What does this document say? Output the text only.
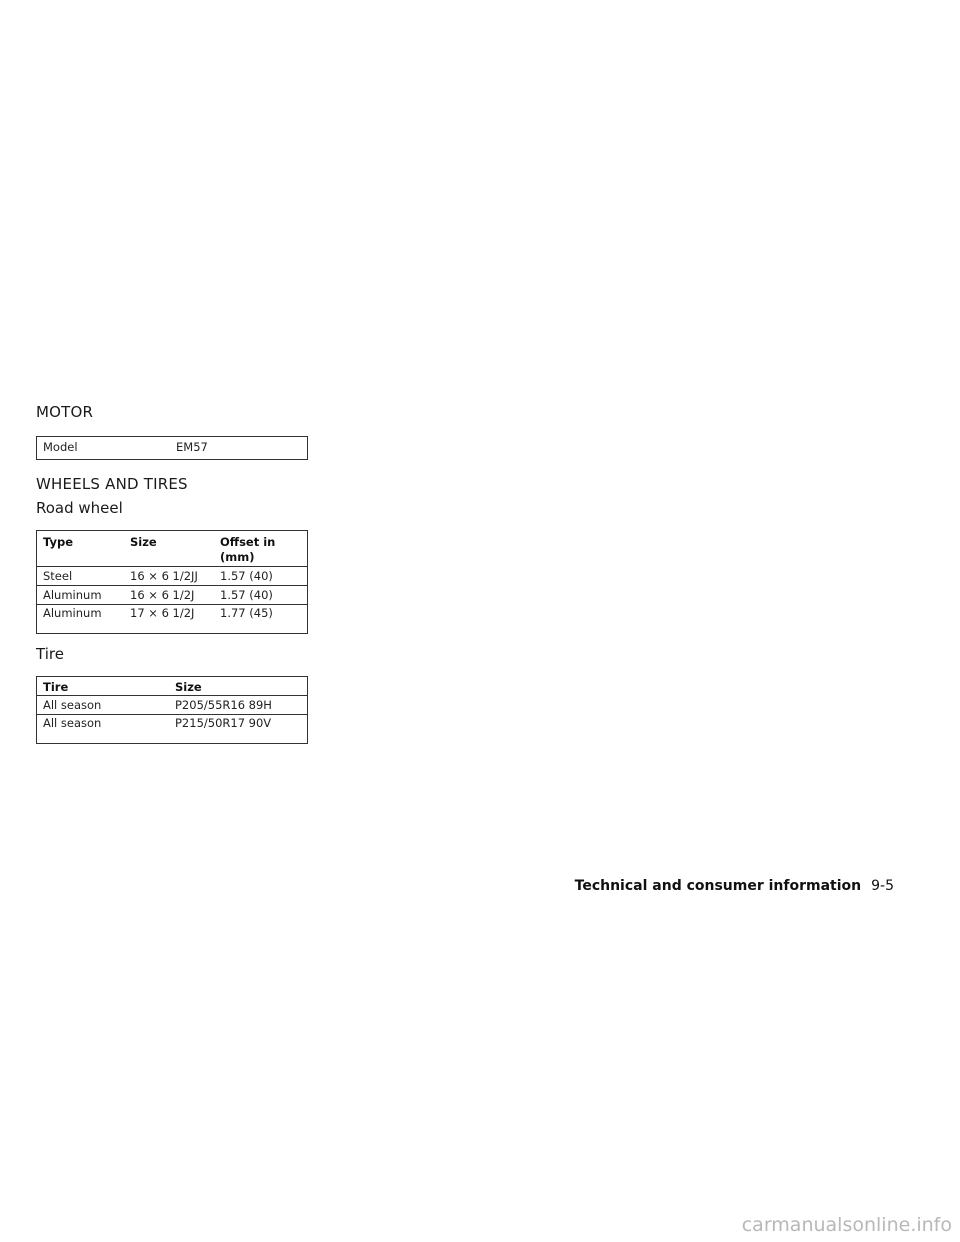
MOTOR
Model	EM57
WHEELS AND TIRES
Road wheel
Type	Size	Offset in
(mm)
Steel	16 × 6 1/2JJ	1.57 (40)
Aluminum	16 × 6 1/2J	1.57 (40)
Aluminum	17 × 6 1/2J	1.77 (45)
Tire
Tire	Size
All season	P205/55R16 89H
All season	P215/50R17 90V
Technical and consumer information 9-5
carmanualsonline.info
